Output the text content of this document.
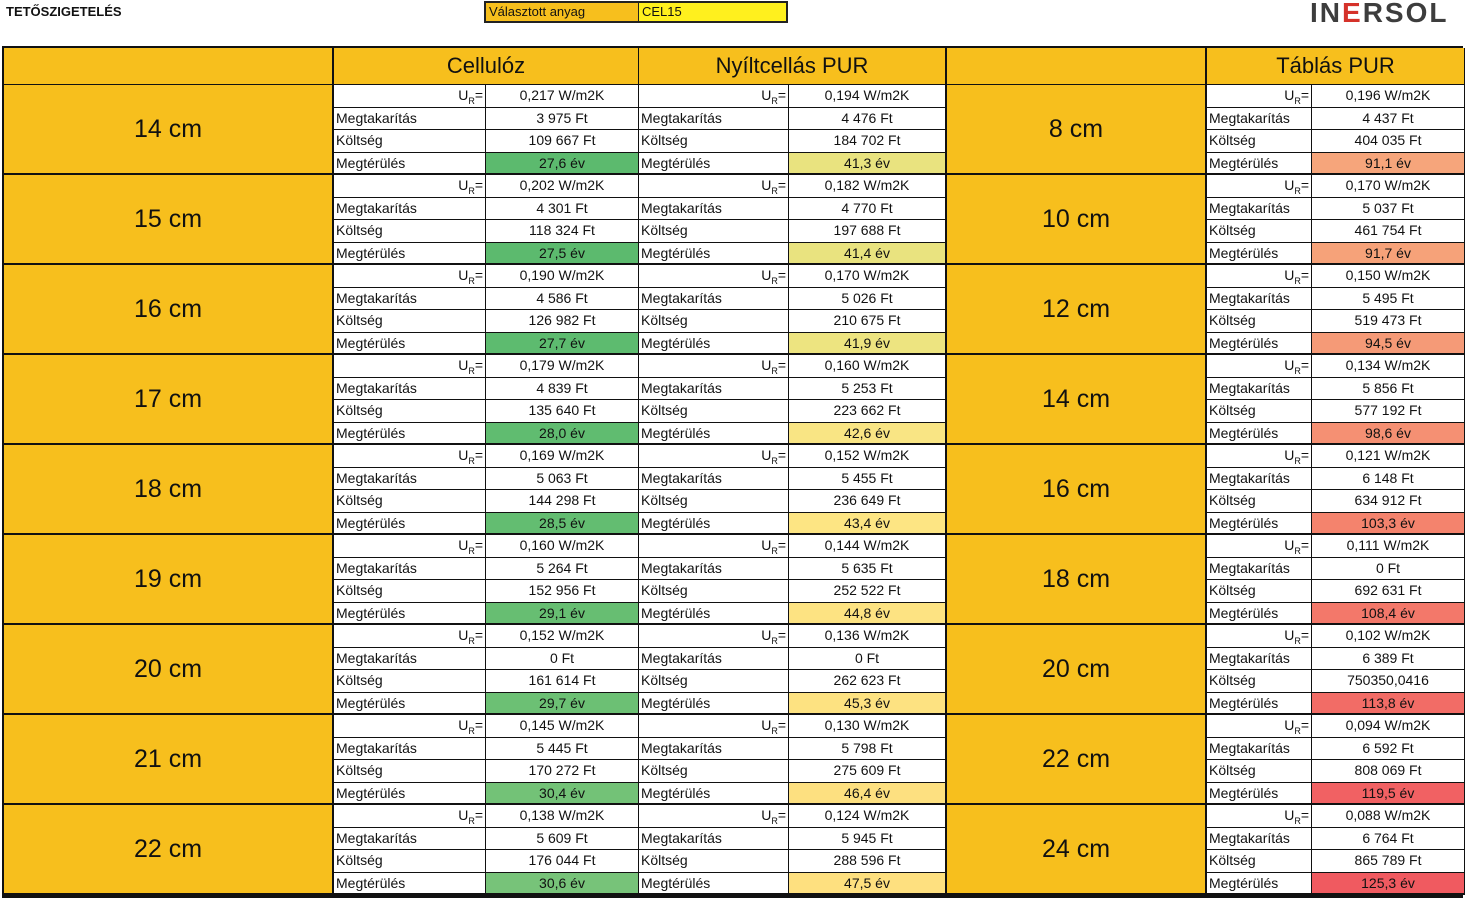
TETŐSZIGETELÉS	Választott anyag	CEL15	INERSOL
Cellulóz	Nyíltcellás PUR	Táblás PUR
14 cm	8 cm
$U_R=$	0,217 W/m2K
Megtakarítás	3 975 Ft
Költség	109 667 Ft
Megtérülés	27,6 év
$U_R=$	0,194 W/m2K
Megtakarítás	4 476 Ft
Költség	184 702 Ft
Megtérülés	41,3 év
$U_R=$	0,196 W/m2K
Megtakarítás	4 437 Ft
Költség	404 035 Ft
Megtérülés	91,1 év
15 cm	10 cm
$U_R=$	0,202 W/m2K
Megtakarítás	4 301 Ft
Költség	118 324 Ft
Megtérülés	27,5 év
$U_R=$	0,182 W/m2K
Megtakarítás	4 770 Ft
Költség	197 688 Ft
Megtérülés	41,4 év
$U_R=$	0,170 W/m2K
Megtakarítás	5 037 Ft
Költség	461 754 Ft
Megtérülés	91,7 év
16 cm	12 cm
$U_R=$	0,190 W/m2K
Megtakarítás	4 586 Ft
Költség	126 982 Ft
Megtérülés	27,7 év
$U_R=$	0,170 W/m2K
Megtakarítás	5 026 Ft
Költség	210 675 Ft
Megtérülés	41,9 év
$U_R=$	0,150 W/m2K
Megtakarítás	5 495 Ft
Költség	519 473 Ft
Megtérülés	94,5 év
17 cm	14 cm
$U_R=$	0,179 W/m2K
Megtakarítás	4 839 Ft
Költség	135 640 Ft
Megtérülés	28,0 év
$U_R=$	0,160 W/m2K
Megtakarítás	5 253 Ft
Költség	223 662 Ft
Megtérülés	42,6 év
$U_R=$	0,134 W/m2K
Megtakarítás	5 856 Ft
Költség	577 192 Ft
Megtérülés	98,6 év
18 cm	16 cm
$U_R=$	0,169 W/m2K
Megtakarítás	5 063 Ft
Költség	144 298 Ft
Megtérülés	28,5 év
$U_R=$	0,152 W/m2K
Megtakarítás	5 455 Ft
Költség	236 649 Ft
Megtérülés	43,4 év
$U_R=$	0,121 W/m2K
Megtakarítás	6 148 Ft
Költség	634 912 Ft
Megtérülés	103,3 év
19 cm	18 cm
$U_R=$	0,160 W/m2K
Megtakarítás	5 264 Ft
Költség	152 956 Ft
Megtérülés	29,1 év
$U_R=$	0,144 W/m2K
Megtakarítás	5 635 Ft
Költség	252 522 Ft
Megtérülés	44,8 év
$U_R=$	0,111 W/m2K
Megtakarítás	0 Ft
Költség	692 631 Ft
Megtérülés	108,4 év
20 cm	20 cm
$U_R=$	0,152 W/m2K
Megtakarítás	0 Ft
Költség	161 614 Ft
Megtérülés	29,7 év
$U_R=$	0,136 W/m2K
Megtakarítás	0 Ft
Költség	262 623 Ft
Megtérülés	45,3 év
$U_R=$	0,102 W/m2K
Megtakarítás	6 389 Ft
Költség	750350,0416
Megtérülés	113,8 év
21 cm	22 cm
$U_R=$	0,145 W/m2K
Megtakarítás	5 445 Ft
Költség	170 272 Ft
Megtérülés	30,4 év
$U_R=$	0,130 W/m2K
Megtakarítás	5 798 Ft
Költség	275 609 Ft
Megtérülés	46,4 év
$U_R=$	0,094 W/m2K
Megtakarítás	6 592 Ft
Költség	808 069 Ft
Megtérülés	119,5 év
22 cm	24 cm
$U_R=$	0,138 W/m2K
Megtakarítás	5 609 Ft
Költség	176 044 Ft
Megtérülés	30,6 év
$U_R=$	0,124 W/m2K
Megtakarítás	5 945 Ft
Költség	288 596 Ft
Megtérülés	47,5 év
$U_R=$	0,088 W/m2K
Megtakarítás	6 764 Ft
Költség	865 789 Ft
Megtérülés	125,3 év
